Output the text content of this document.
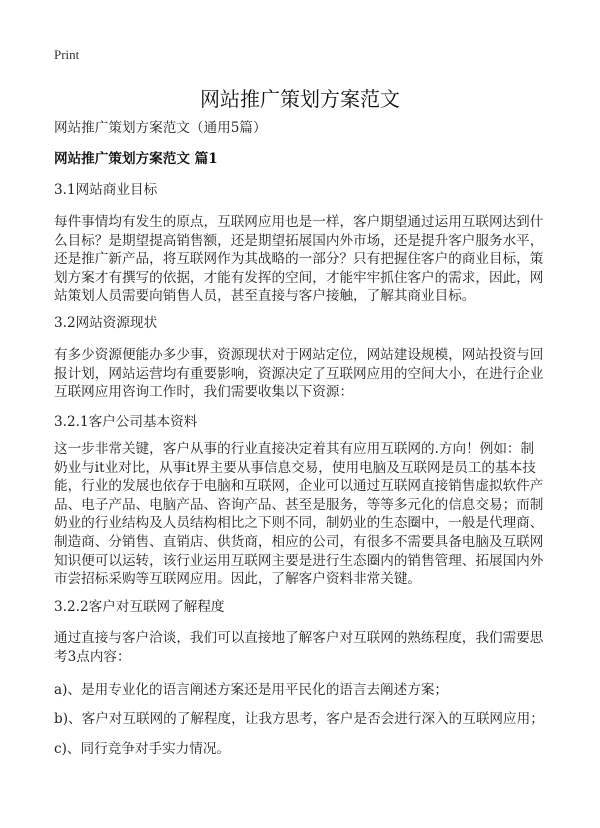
Print
网站推广策划方案范文
网站推广策划方案范文（通用5篇）
网站推广策划方案范文 篇1
3.1网站商业目标
每件事情均有发生的原点，互联网应用也是一样，客户期望通过运用互联网达到什
么目标？是期望提高销售额，还是期望拓展国内外市场，还是提升客户服务水平，
还是推广新产品，将互联网作为其战略的一部分？只有把握住客户的商业目标，策
划方案才有撰写的依据，才能有发挥的空间，才能牢牢抓住客户的需求，因此，网
站策划人员需要向销售人员，甚至直接与客户接触，了解其商业目标。
3.2网站资源现状
有多少资源便能办多少事，资源现状对于网站定位，网站建设规模，网站投资与回
报计划，网站运营均有重要影响，资源决定了互联网应用的空间大小，在进行企业
互联网应用咨询工作时，我们需要收集以下资源：
3.2.1客户公司基本资料
这一步非常关键，客户从事的行业直接决定着其有应用互联网的.方向！例如：制
奶业与it业对比，从事it界主要从事信息交易，使用电脑及互联网是员工的基本技
能，行业的发展也依存于电脑和互联网，企业可以通过互联网直接销售虚拟软件产
品、电子产品、电脑产品、咨询产品、甚至是服务，等等多元化的信息交易；而制
奶业的行业结构及人员结构相比之下则不同，制奶业的生态圈中，一般是代理商、
制造商、分销售、直销店、供货商，相应的公司，有很多不需要具备电脑及互联网
知识便可以运转，该行业运用互联网主要是进行生态圈内的销售管理、拓展国内外
市尝招标采购等互联网应用。因此，了解客户资料非常关键。
3.2.2客户对互联网了解程度
通过直接与客户洽谈，我们可以直接地了解客户对互联网的熟练程度，我们需要思
考3点内容：
a)、是用专业化的语言阐述方案还是用平民化的语言去阐述方案；
b)、客户对互联网的了解程度，让我方思考，客户是否会进行深入的互联网应用；
c)、同行竞争对手实力情况。
